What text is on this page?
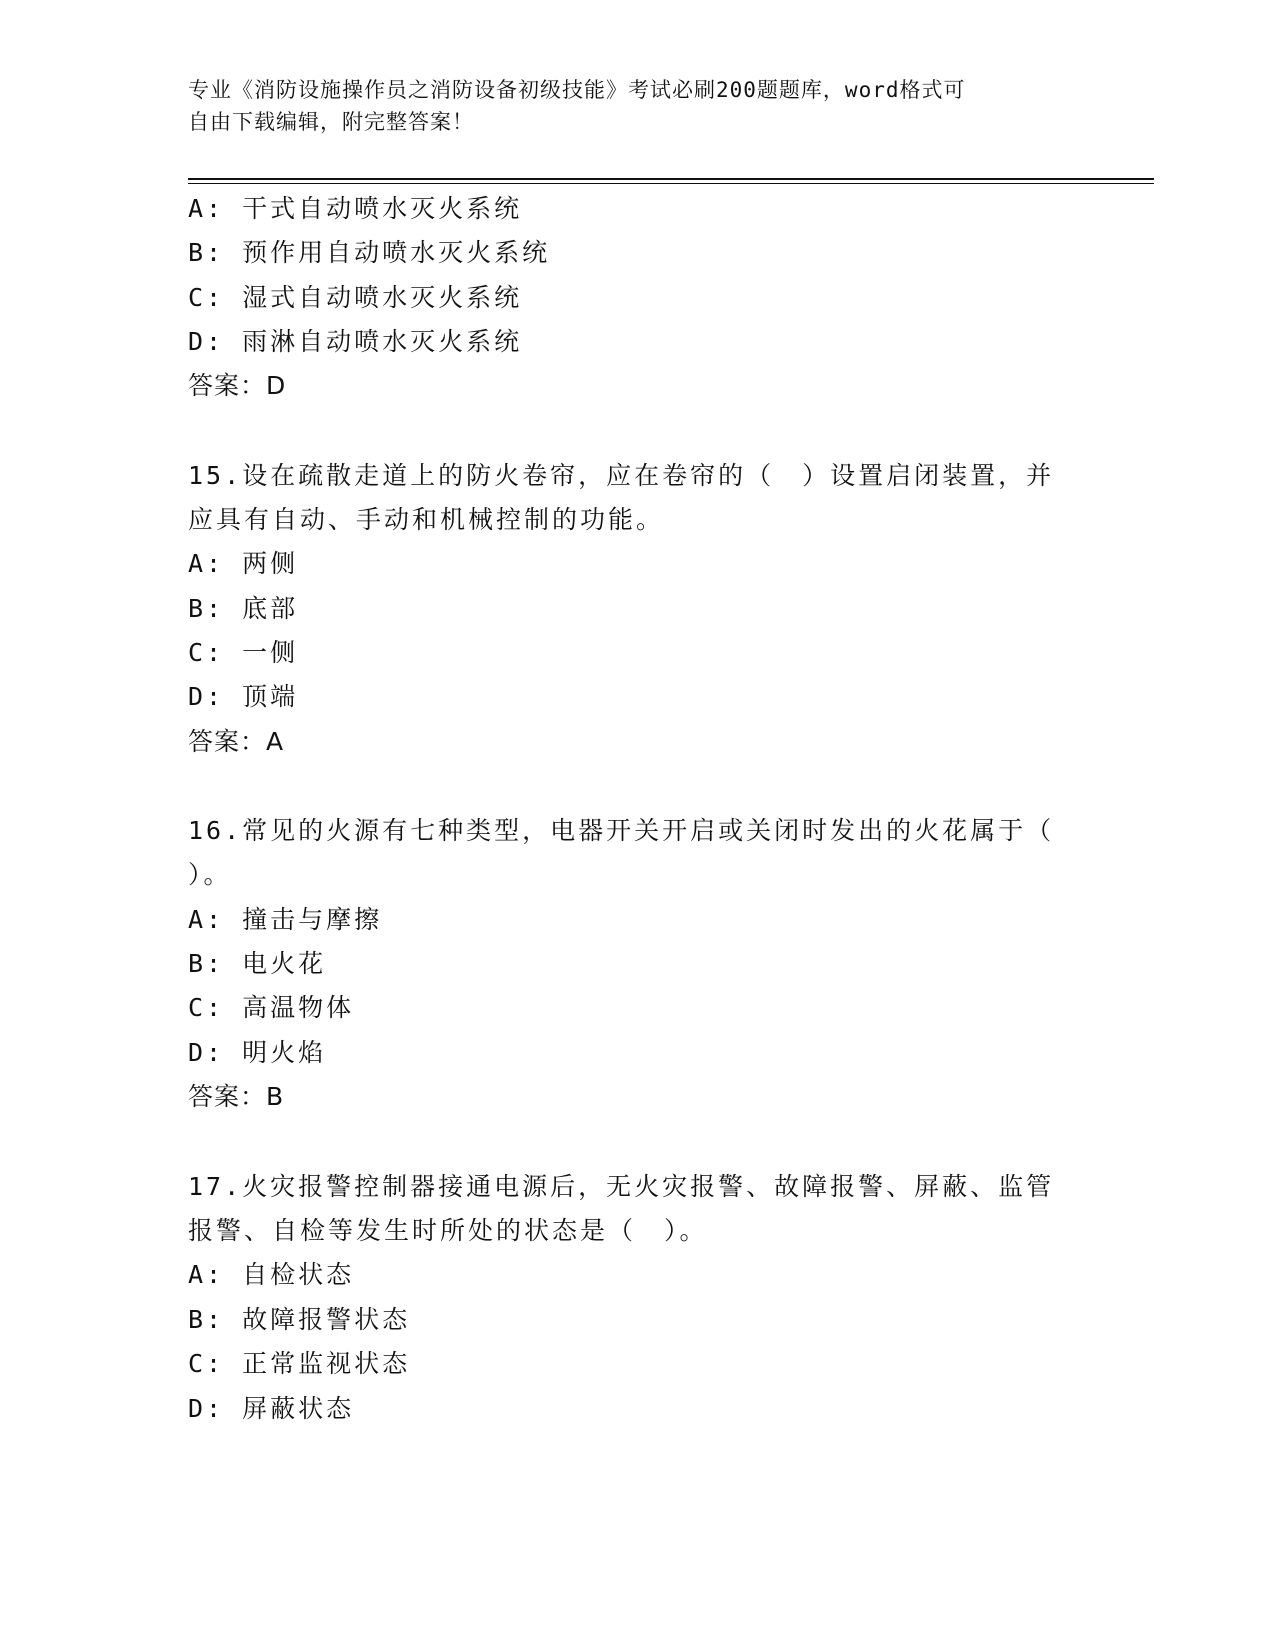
专业《消防设施操作员之消防设备初级技能》考试必刷200题题库，word格式可
自由下载编辑，附完整答案！
A: 干式自动喷水灭火系统
B: 预作用自动喷水灭火系统
C: 湿式自动喷水灭火系统
D: 雨淋自动喷水灭火系统
答案：D
15.设在疏散走道上的防火卷帘，应在卷帘的（　）设置启闭装置，并
应具有自动、手动和机械控制的功能。
A: 两侧
B: 底部
C: 一侧
D: 顶端
答案：A
16.常见的火源有七种类型，电器开关开启或关闭时发出的火花属于（
）。
A: 撞击与摩擦
B: 电火花
C: 高温物体
D: 明火焰
答案：B
17.火灾报警控制器接通电源后，无火灾报警、故障报警、屏蔽、监管
报警、自检等发生时所处的状态是（　）。
A: 自检状态
B: 故障报警状态
C: 正常监视状态
D: 屏蔽状态
